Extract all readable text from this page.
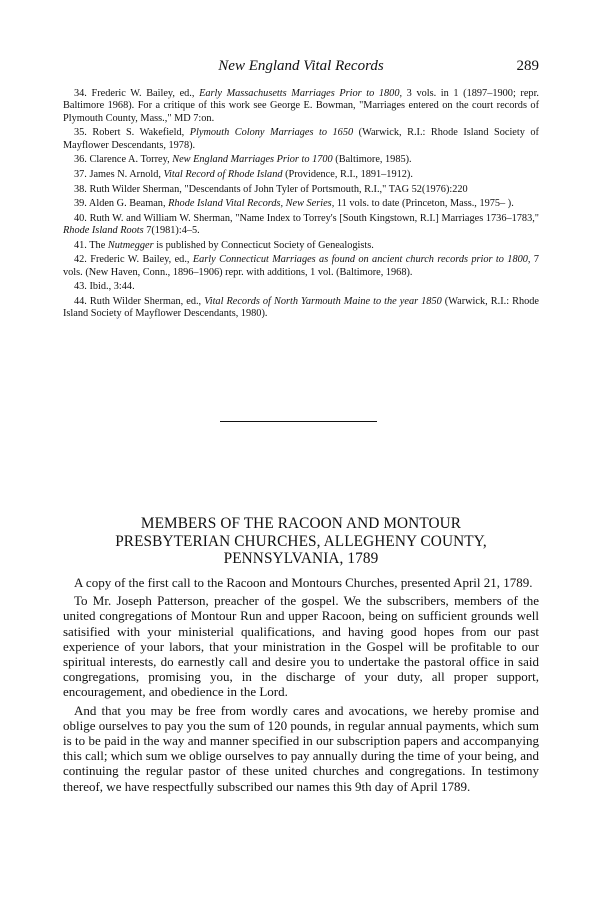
New England Vital Records	289

34. Frederic W. Bailey, ed., Early Massachusetts Marriages Prior to 1800, 3 vols. in 1 (1897–1900; repr. Baltimore 1968). For a critique of this work see George E. Bowman, "Marriages entered on the court records of Plymouth County, Mass.," MD 7:on.

35. Robert S. Wakefield, Plymouth Colony Marriages to 1650 (Warwick, R.I.: Rhode Island Society of Mayflower Descendants, 1978).

36. Clarence A. Torrey, New England Marriages Prior to 1700 (Baltimore, 1985).

37. James N. Arnold, Vital Record of Rhode Island (Providence, R.I., 1891–1912).

38. Ruth Wilder Sherman, "Descendants of John Tyler of Portsmouth, R.I.," TAG 52(1976):220

39. Alden G. Beaman, Rhode Island Vital Records, New Series, 11 vols. to date (Princeton, Mass., 1975– ).

40. Ruth W. and William W. Sherman, "Name Index to Torrey's [South Kingstown, R.I.] Marriages 1736–1783," Rhode Island Roots 7(1981):4–5.

41. The Nutmegger is published by Connecticut Society of Genealogists.

42. Frederic W. Bailey, ed., Early Connecticut Marriages as found on ancient church records prior to 1800, 7 vols. (New Haven, Conn., 1896–1906) repr. with additions, 1 vol. (Baltimore, 1968).

43. Ibid., 3:44.

44. Ruth Wilder Sherman, ed., Vital Records of North Yarmouth Maine to the year 1850 (Warwick, R.I.: Rhode Island Society of Mayflower Descendants, 1980).

MEMBERS OF THE RACOON AND MONTOUR
PRESBYTERIAN CHURCHES, ALLEGHENY COUNTY,
PENNSYLVANIA, 1789

A copy of the first call to the Racoon and Montours Churches, presented April 21, 1789.

To Mr. Joseph Patterson, preacher of the gospel. We the subscribers, members of the united congregations of Montour Run and upper Racoon, being on sufficient grounds well satisified with your ministerial qualifications, and having good hopes from our past experience of your labors, that your ministration in the Gospel will be profitable to our spiritual interests, do earnestly call and desire you to undertake the pastoral office in said congregations, promising you, in the discharge of your duty, all proper support, encouragement, and obedience in the Lord.

And that you may be free from wordly cares and avocations, we hereby promise and oblige ourselves to pay you the sum of 120 pounds, in regular annual payments, which sum is to be paid in the way and manner specified in our subscription papers and accompanying this call; which sum we oblige ourselves to pay annually during the time of your being, and continuing the regular pastor of these united churches and congregations. In testimony thereof, we have respectfully subscribed our names this 9th day of April 1789.
